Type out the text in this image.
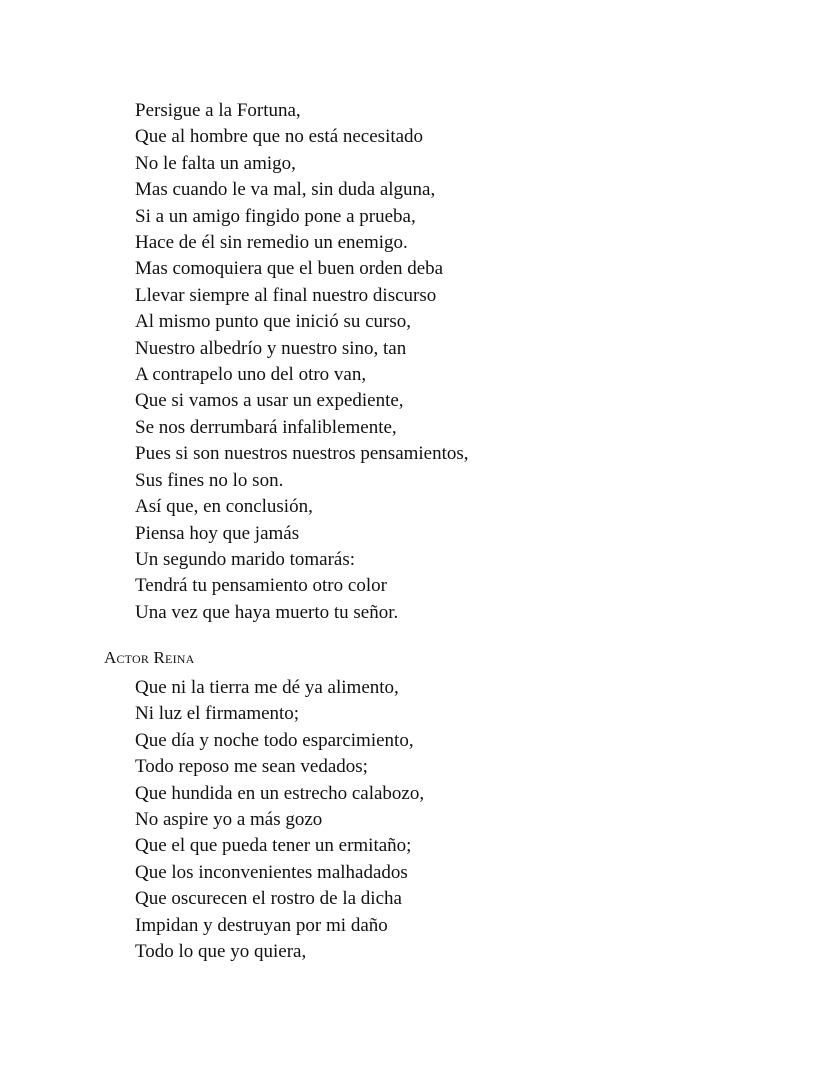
Persigue a la Fortuna,
Que al hombre que no está necesitado
No le falta un amigo,
Mas cuando le va mal, sin duda alguna,
Si a un amigo fingido pone a prueba,
Hace de él sin remedio un enemigo.
Mas comoquiera que el buen orden deba
Llevar siempre al final nuestro discurso
Al mismo punto que inició su curso,
Nuestro albedrío y nuestro sino, tan
A contrapelo uno del otro van,
Que si vamos a usar un expediente,
Se nos derrumbará infaliblemente,
Pues si son nuestros nuestros pensamientos,
Sus fines no lo son.
Así que, en conclusión,
Piensa hoy que jamás
Un segundo marido tomarás:
Tendrá tu pensamiento otro color
Una vez que haya muerto tu señor.
Actor Reina
Que ni la tierra me dé ya alimento,
Ni luz el firmamento;
Que día y noche todo esparcimiento,
Todo reposo me sean vedados;
Que hundida en un estrecho calabozo,
No aspire yo a más gozo
Que el que pueda tener un ermitaño;
Que los inconvenientes malhadados
Que oscurecen el rostro de la dicha
Impidan y destruyan por mi daño
Todo lo que yo quiera,
